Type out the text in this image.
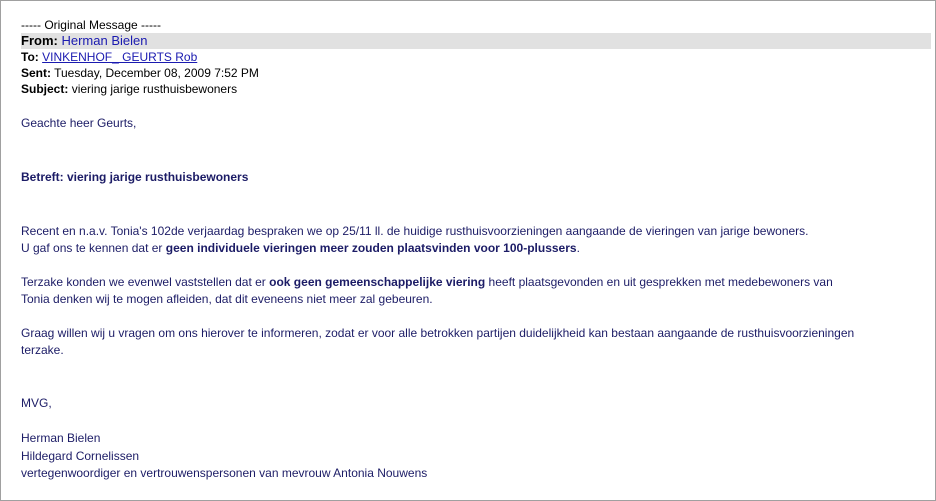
----- Original Message -----
From: Herman Bielen
To: VINKENHOF_ GEURTS Rob
Sent: Tuesday, December 08, 2009 7:52 PM
Subject: viering jarige rusthuisbewoners
Geachte heer Geurts,
Betreft: viering jarige rusthuisbewoners
Recent en n.a.v. Tonia's 102de verjaardag bespraken we op 25/11 ll. de huidige rusthuisvoorzieningen aangaande de vieringen van jarige bewoners.
U gaf ons te kennen dat er geen individuele vieringen meer zouden plaatsvinden voor 100-plussers.
Terzake konden we evenwel vaststellen dat er ook geen gemeenschappelijke viering heeft plaatsgevonden en uit gesprekken met medebewoners van
Tonia denken wij te mogen afleiden, dat dit eveneens niet meer zal gebeuren.
Graag willen wij u vragen om ons hierover te informeren, zodat er voor alle betrokken partijen duidelijkheid kan bestaan aangaande de rusthuisvoorzieningen
terzake.
MVG,
Herman Bielen
Hildegard Cornelissen
vertegenwoordiger en vertrouwenspersonen van mevrouw Antonia Nouwens
